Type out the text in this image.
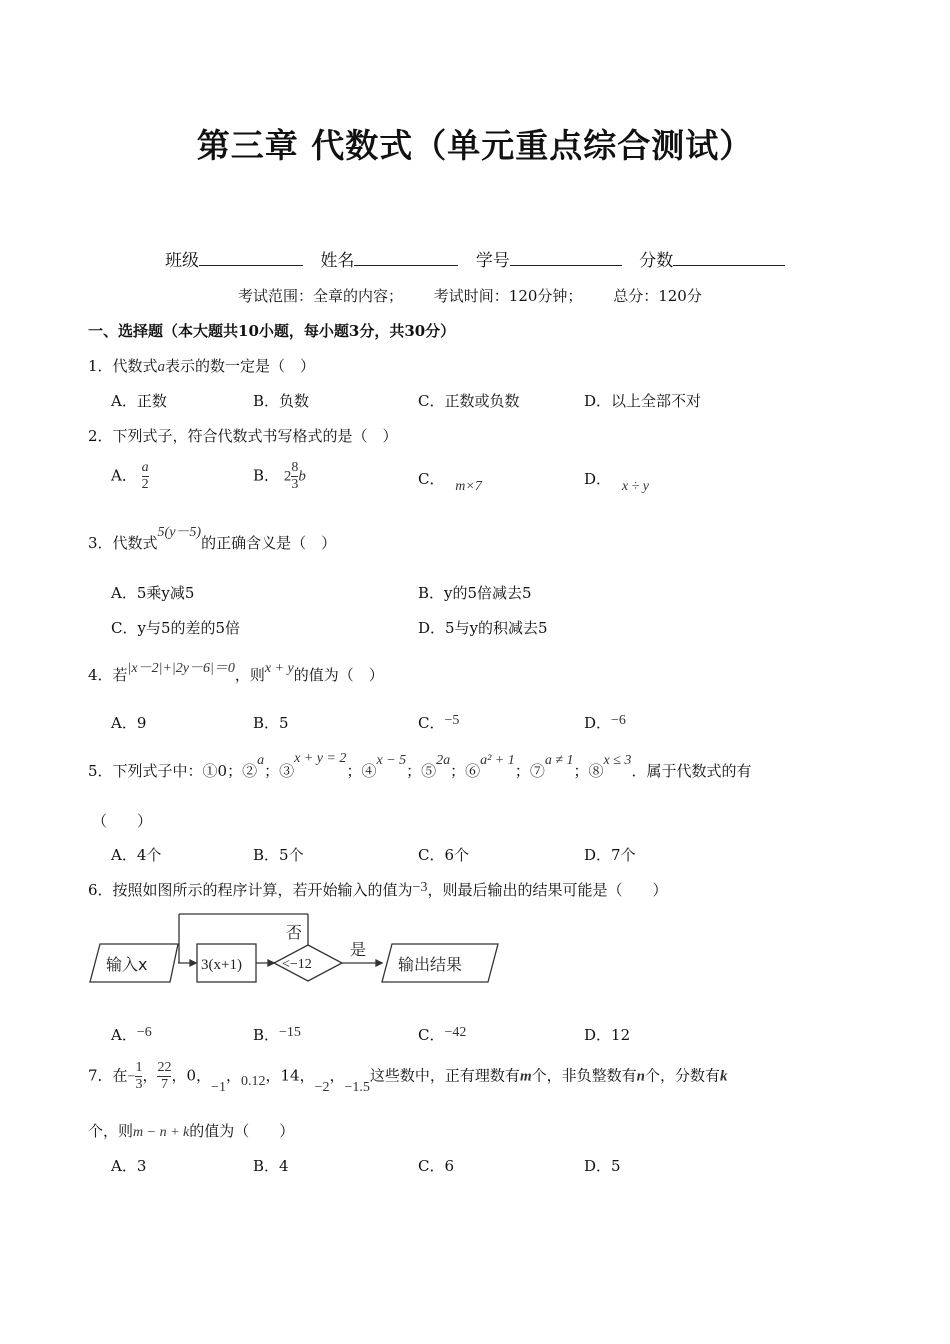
第三章 代数式（单元重点综合测试）
班级	姓名	学号	分数
考试范围：全章的内容； 考试时间：120分钟； 总分：120分
一、选择题（本大题共10小题，每小题3分，共30分）
1．代数式a表示的数一定是（　）
A．正数	B．负数	C．正数或负数	D．以上全部不对
2．下列式子，符合代数式书写格式的是（　）
A． $\frac{a}{2}$	B． $2 \frac{8}{3}$ b	C． m×7	D． x ÷ y
3．代数式5(y－5)的正确含义是（　）
A．5乘y减5	B．y的5倍减去5
C．y与5的差的5倍	D．5与y的积减去5
4．若|x－2|+|2y－6|＝0，则x + y的值为（　）
A．9	B．5	C．−5	D．−6
5．下列式子中：①0；②a；③x + y = 2；④x − 5；⑤2a；⑥a² + 1；⑦a ≠ 1；⑧x ≤ 3．属于代数式的有
（　　）
A．4个	B．5个	C．6个	D．7个
6．按照如图所示的程序计算，若开始输入的值为−3，则最后输出的结果可能是（　　）
输入x	3(x+1)	<−12
否
是
输出结果
A．−6	B．−15	C．−42	D．12
7．在− $\frac{1}{3}$ ， $\frac{22}{7}$ ，0，−1，0.12，14，−2，−1.5这些数中，正有理数有m个，非负整数有n个，分数有k
个，则m − n + k的值为（　　）
A．3	B．4	C．6	D．5
